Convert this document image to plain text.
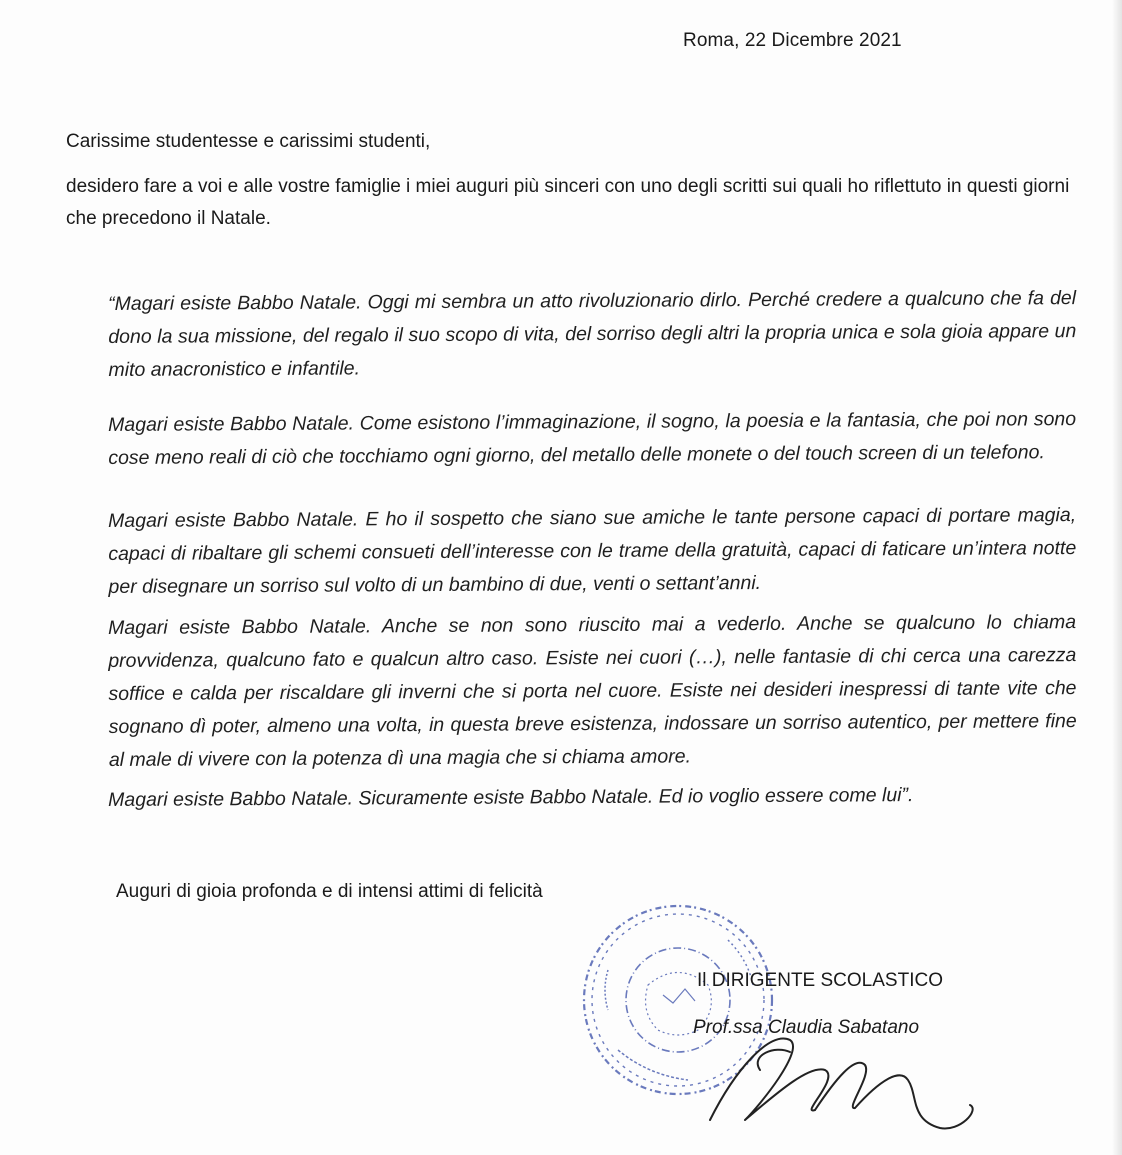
Roma, 22 Dicembre 2021
Carissime studentesse e carissimi studenti,
desidero fare a voi e alle vostre famiglie i miei auguri più sinceri con uno degli scritti sui quali ho riflettuto in questi giorni che precedono il Natale.
“Magari esiste Babbo Natale. Oggi mi sembra un atto rivoluzionario dirlo. Perché credere a qualcuno che fa del dono la sua missione, del regalo il suo scopo di vita, del sorriso degli altri la propria unica e sola gioia appare un mito anacronistico e infantile.
Magari esiste Babbo Natale. Come esistono l’immaginazione, il sogno, la poesia e la fantasia, che poi non sono cose meno reali di ciò che tocchiamo ogni giorno, del metallo delle monete o del touch screen di un telefono.
Magari esiste Babbo Natale. E ho il sospetto che siano sue amiche le tante persone capaci di portare magia, capaci di ribaltare gli schemi consueti dell’interesse con le trame della gratuità, capaci di faticare un’intera notte per disegnare un sorriso sul volto di un bambino di due, venti o settant’anni.
Magari esiste Babbo Natale. Anche se non sono riuscito mai a vederlo. Anche se qualcuno lo chiama provvidenza, qualcuno fato e qualcun altro caso. Esiste nei cuori (…), nelle fantasie di chi cerca una carezza soffice e calda per riscaldare gli inverni che si porta nel cuore. Esiste nei desideri inespressi di tante vite che sognano dì poter, almeno una volta, in questa breve esistenza, indossare un sorriso autentico, per mettere fine al male di vivere con la potenza dì una magia che si chiama amore.
Magari esiste Babbo Natale. Sicuramente esiste Babbo Natale. Ed io voglio essere come lui”.
Auguri di gioia profonda e di intensi attimi di felicità
Il DIRIGENTE SCOLASTICO
Prof.ssa Claudia Sabatano
